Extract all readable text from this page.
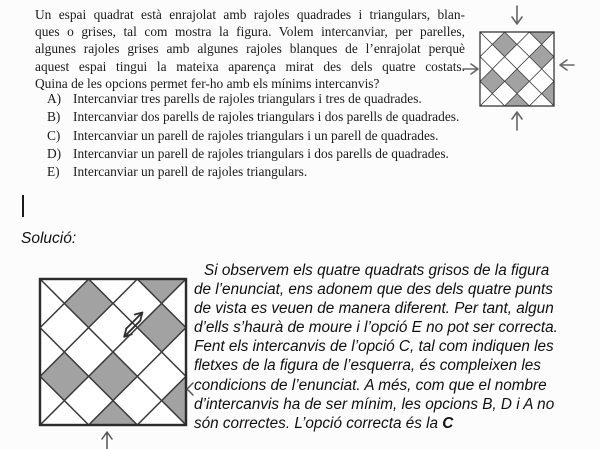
Un espai quadrat està enrajolat amb rajoles quadrades i triangulars, blan-
ques o grises, tal com mostra la figura. Volem intercanviar, per parelles,
algunes rajoles grises amb algunes rajoles blanques de l’enrajolat perquè
aquest espai tingui la mateixa aparença mirat des dels quatre costats.
Quina de les opcions permet fer-ho amb els mínims intercanvis?
A) Intercanviar tres parells de rajoles triangulars i tres de quadrades.
B) Intercanviar dos parells de rajoles triangulars i dos parells de quadrades.
C) Intercanviar un parell de rajoles triangulars i un parell de quadrades.
D) Intercanviar un parell de rajoles triangulars i dos parells de quadrades.
E) Intercanviar un parell de rajoles triangulars.
Solució:
Si observem els quatre quadrats grisos de la figura
de l’enunciat, ens adonem que des dels quatre punts
de vista es veuen de manera diferent. Per tant, algun
d’ells s’haurà de moure i l’opció E no pot ser correcta.
Fent els intercanvis de l’opció C, tal com indiquen les
fletxes de la figura de l’esquerra, és compleixen les
condicions de l’enunciat. A més, com que el nombre
d’intercanvis ha de ser mínim, les opcions B, D i A no
són correctes. L’opció correcta és la C
